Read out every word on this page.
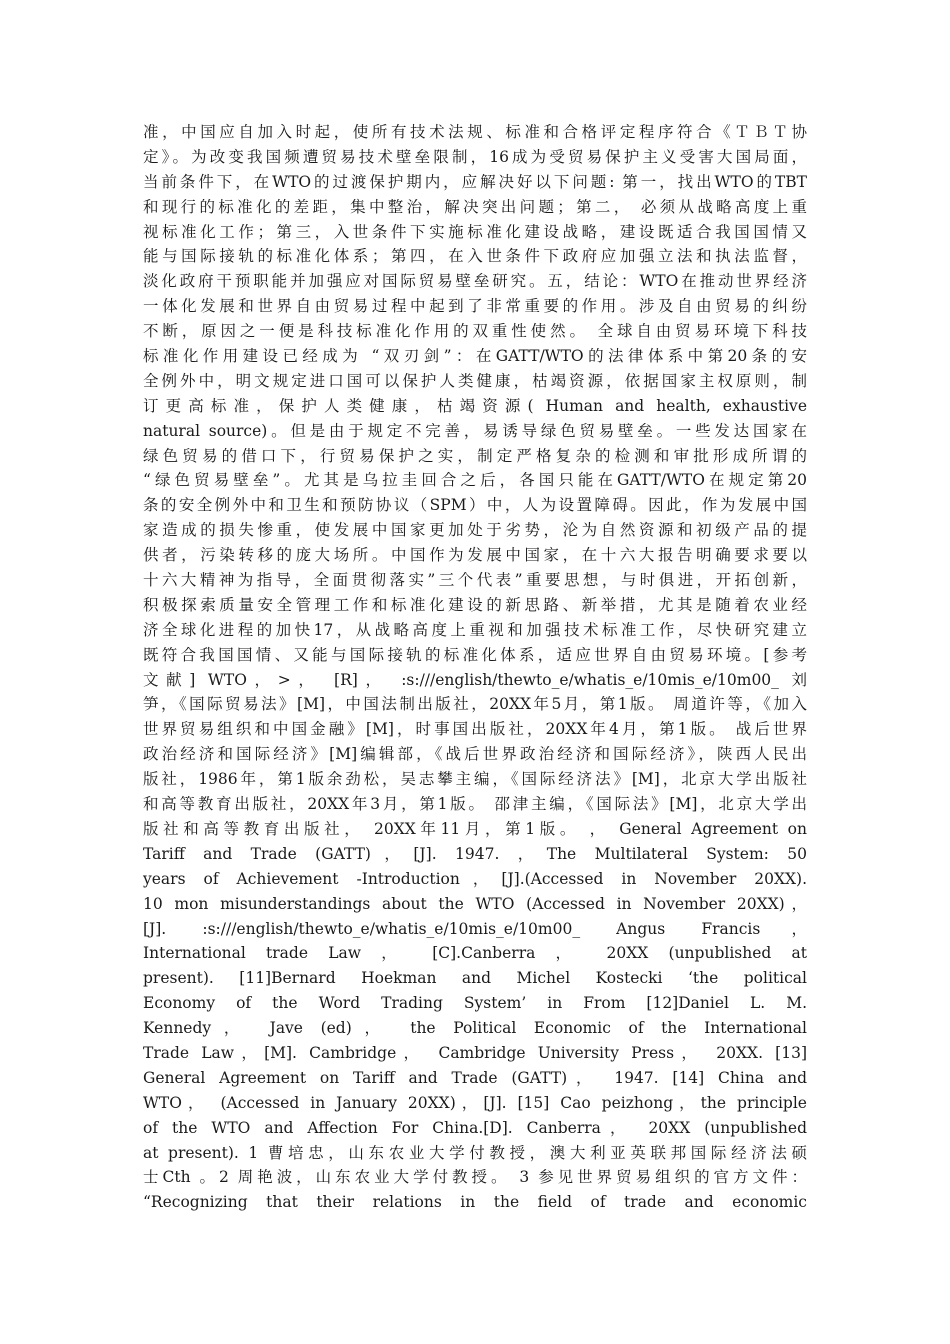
准，中国应自加入时起，使所有技术法规、标准和合格评定程序符合《ＴＢＴ协
定》。为改变我国频遭贸易技术壁垒限制，16成为受贸易保护主义受害大国局面，
当前条件下，在WTO的过渡保护期内，应解决好以下问题: 第一，找出WTO的TBT
和现行的标准化的差距，集中整治，解决突出问题；第二， 必须从战略高度上重
视标准化工作；第三，入世条件下实施标准化建设战略，建设既适合我国国情又
能与国际接轨的标准化体系；第四，在入世条件下政府应加强立法和执法监督，
淡化政府干预职能并加强应对国际贸易壁垒研究。五，结论：WTO在推动世界经济
一体化发展和世界自由贸易过程中起到了非常重要的作用。涉及自由贸易的纠纷
不断，原因之一便是科技标准化作用的双重性使然。 全球自由贸易环境下科技
标准化作用建设已经成为 “双刃剑”：在GATT/WTO的法律体系中第20条的安
全例外中，明文规定进口国可以保护人类健康，枯竭资源，依据国家主权原则，制
订更高标准，保护人类健康，枯竭资源( Human and health, exhaustive
natural source)。但是由于规定不完善，易诱导绿色贸易壁垒。一些发达国家在
绿色贸易的借口下，行贸易保护之实，制定严格复杂的检测和审批形成所谓的
“绿色贸易壁垒”。尤其是乌拉圭回合之后，各国只能在GATT/WTO在规定第20
条的安全例外中和卫生和预防协议（SPM）中，人为设置障碍。因此，作为发展中国
家造成的损失惨重，使发展中国家更加处于劣势，沦为自然资源和初级产品的提
供者，污染转移的庞大场所。中国作为发展中国家，在十六大报告明确要求要以
十六大精神为指导，全面贯彻落实”三个代表”重要思想，与时俱进，开拓创新，
积极探索质量安全管理工作和标准化建设的新思路、新举措，尤其是随着农业经
济全球化进程的加快17，从战略高度上重视和加强技术标准工作，尽快研究建立
既符合我国国情、又能与国际接轨的标准化体系，适应世界自由贸易环境。[参考
文献] WTO，>， [R]， :s:///english/thewto_e/whatis_e/10mis_e/10m00_ 刘
笋，《国际贸易法》[M]，中国法制出版社，20XX年5月，第1版。 周道许等，《加入
世界贸易组织和中国金融》[M]，时事国出版社，20XX年4月，第1版。 战后世界
政治经济和国际经济》[M]编辑部，《战后世界政治经济和国际经济》，陕西人民出
版社，1986年，第1版余劲松，吴志攀主编，《国际经济法》[M]，北京大学出版社
和高等教育出版社，20XX年3月，第1版。 邵津主编，《国际法》[M]，北京大学出
版社和高等教育出版社， 20XX年11月，第1版。 ， General Agreement on
Tariff and Trade (GATT)，[J]. 1947. ，The Multilateral System: 50
years of Achievement -Introduction，[J].(Accessed in November 20XX).
10 mon misunderstandings about the WTO (Accessed in November 20XX)，
[J]. :s:///english/thewto_e/whatis_e/10mis_e/10m00_ Angus Francis，
International trade Law ， [C].Canberra ， 20XX (unpublished at
present). [11]Bernard Hoekman and Michel Kostecki ‘the political
Economy of the Word Trading System’ in From [12]Daniel L. M.
Kennedy， Jave (ed)， the Political Economic of the International
Trade Law，[M]. Cambridge， Cambridge University Press， 20XX. [13]
General Agreement on Tariff and Trade (GATT)， 1947. [14] China and
WTO， (Accessed in January 20XX)，[J]. [15] Cao peizhong，the principle
of the WTO and Affection For China.[D]. Canberra， 20XX (unpublished
at present). 1 曹培忠，山东农业大学付教授，澳大利亚英联邦国际经济法硕
士Cth 。2 周艳波，山东农业大学付教授。 3 参见世界贸易组织的官方文件：
“Recognizing that their relations in the field of trade and economic
